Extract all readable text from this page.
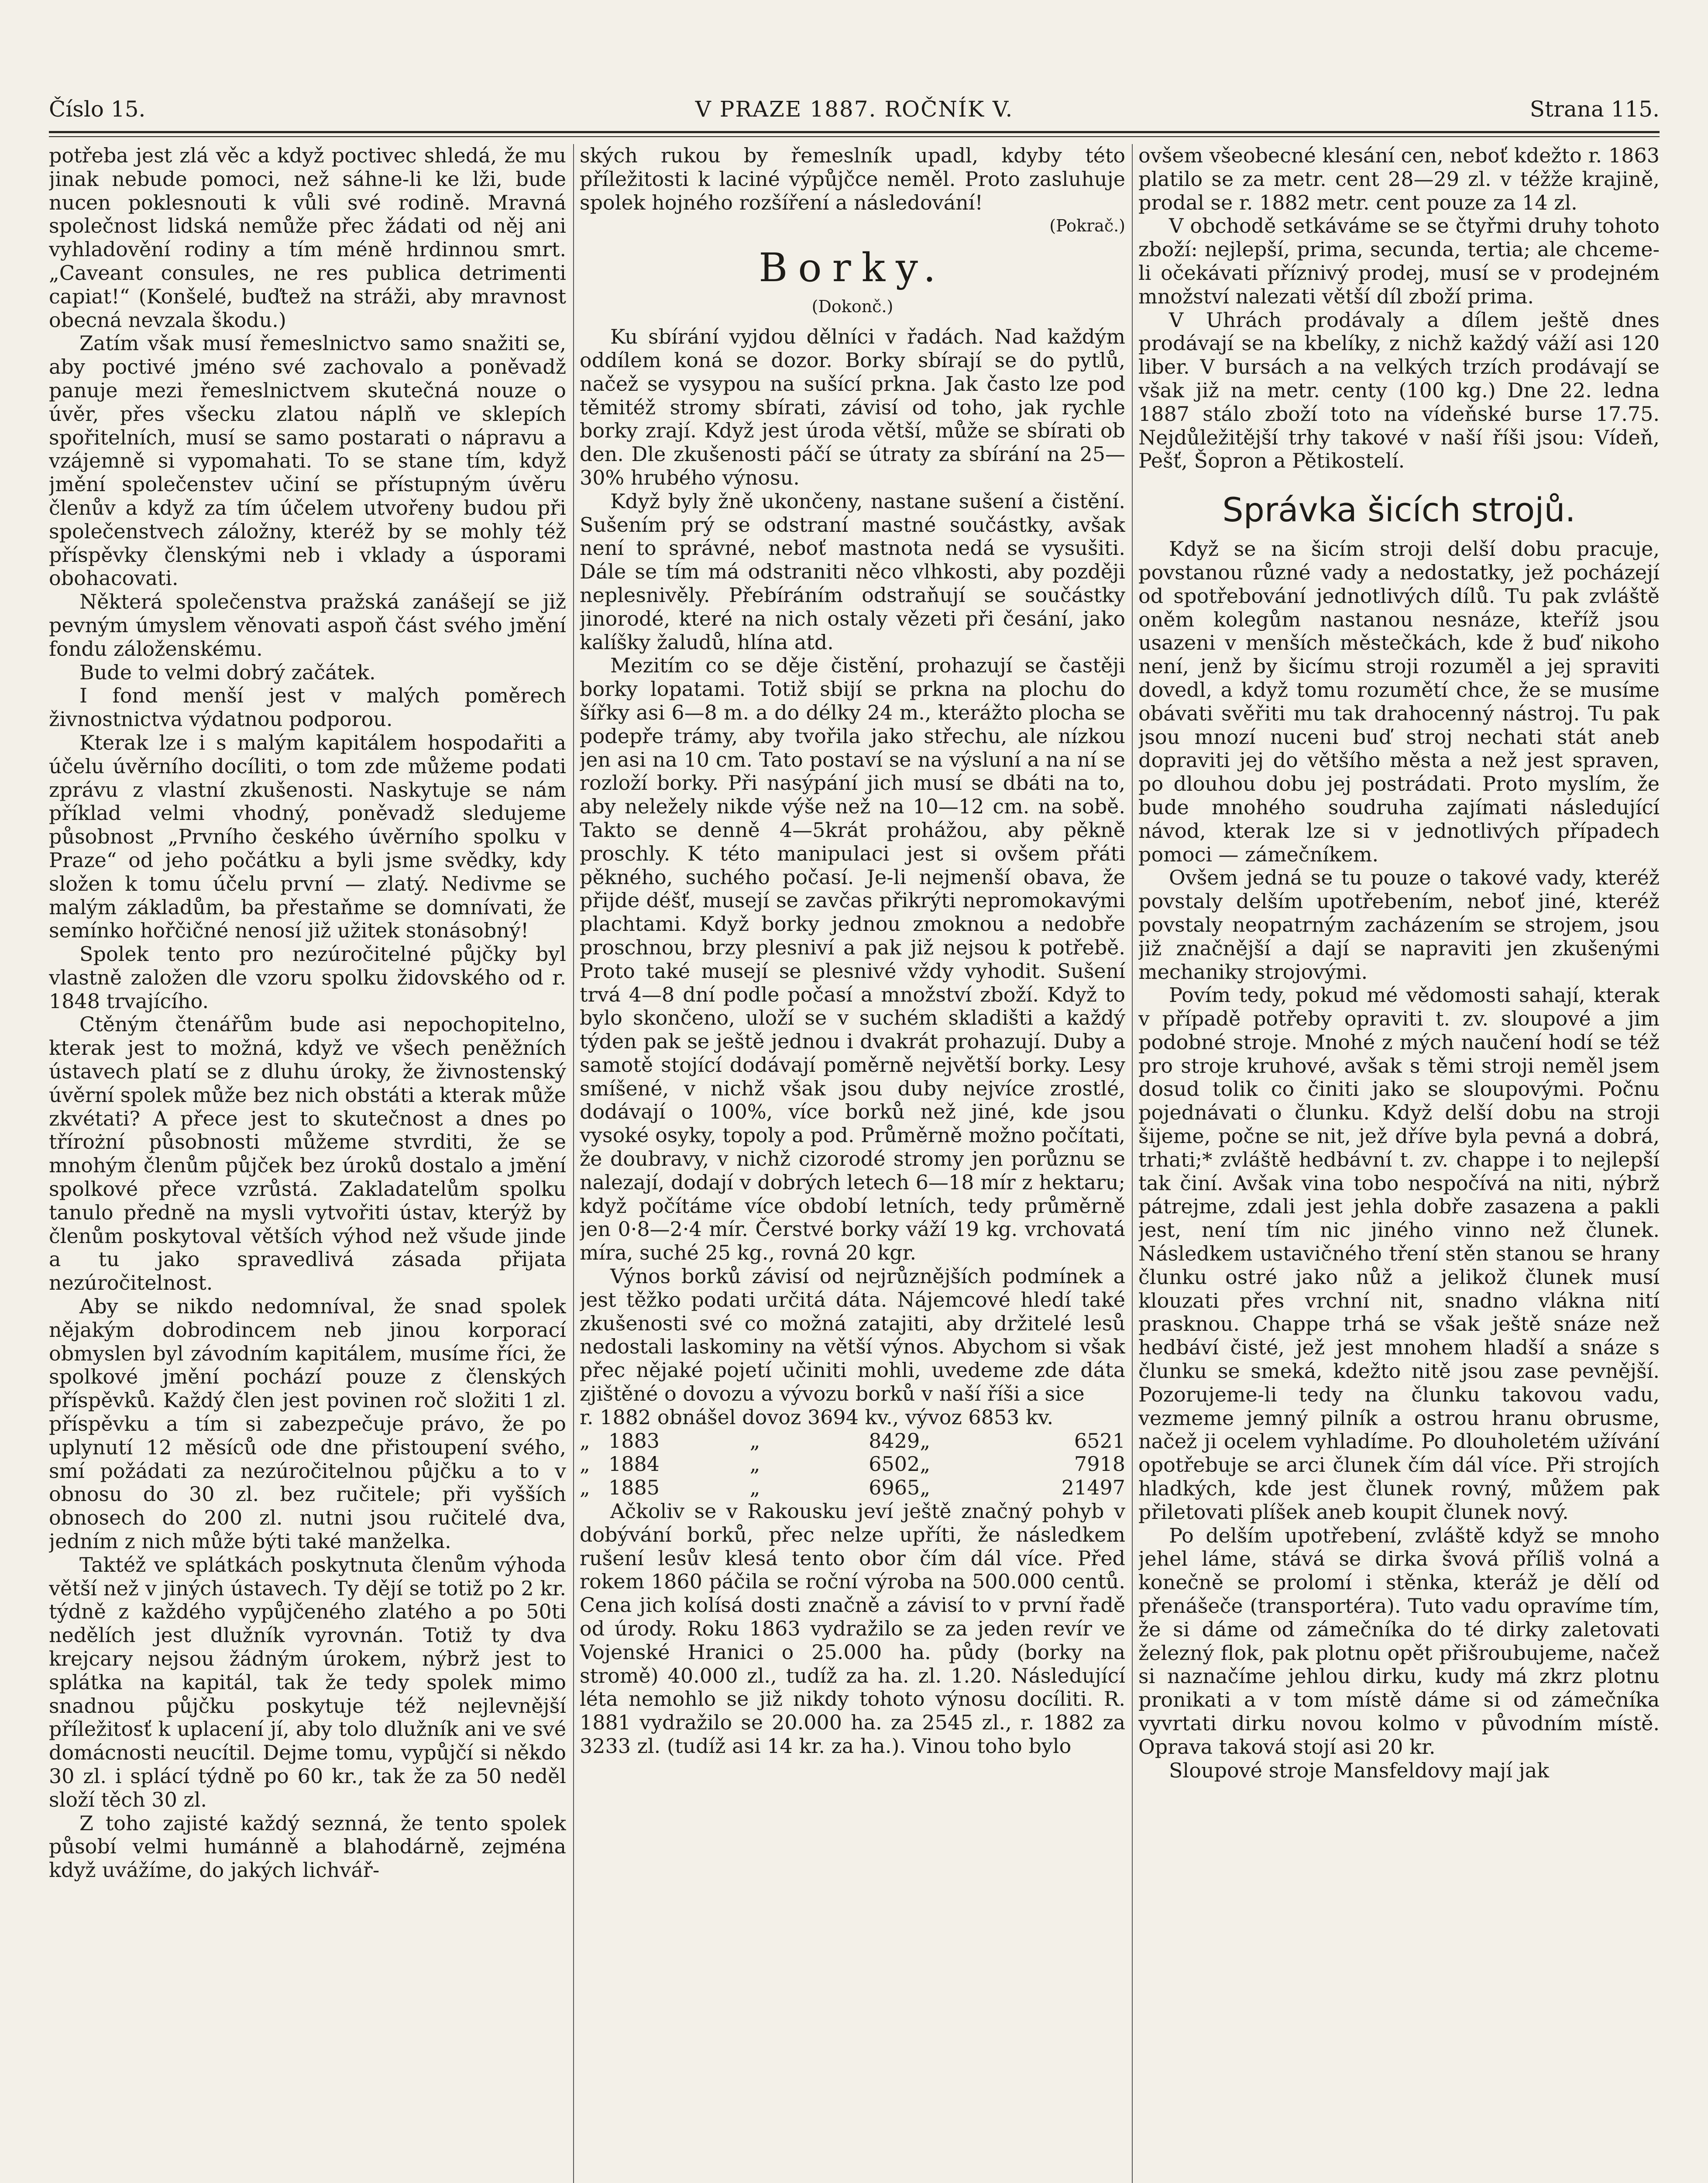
Číslo 15.	V PRAZE 1887. ROČNÍK V.	Strana 115.

potřeba jest zlá věc a když poctivec shledá, že mu jinak nebude pomoci, než sáhne-li ke lži, bude nucen poklesnouti k vůli své rodině. Mravná společnost lidská nemůže přec žádati od něj ani vyhladovění rodiny a tím méně hrdinnou smrt. „Caveant consules, ne res publica detrimenti capiat!“ (Konšelé, buďtež na stráži, aby mravnost obecná nevzala škodu.)

Zatím však musí řemeslnictvo samo snažiti se, aby poctivé jméno své zachovalo a poněvadž panuje mezi řemeslnictvem skutečná nouze o úvěr, přes všecku zlatou náplň ve sklepích spořitelních, musí se samo postarati o nápravu a vzájemně si vypomahati. To se stane tím, když jmění společenstev učiní se přístupným úvěru členův a když za tím účelem utvořeny budou při společenstvech záložny, kteréž by se mohly též příspěvky členskými neb i vklady a úsporami obohacovati.

Některá společenstva pražská zanášejí se již pevným úmyslem věnovati aspoň část svého jmění fondu záloženskému.

Bude to velmi dobrý začátek.

I fond menší jest v malých poměrech živnostnictva výdatnou podporou.

Kterak lze i s malým kapitálem hospodařiti a účelu úvěrního docíliti, o tom zde můžeme podati zprávu z vlastní zkušenosti. Naskytuje se nám příklad velmi vhodný, poněvadž sledujeme působnost „Prvního českého úvěrního spolku v Praze“ od jeho počátku a byli jsme svědky, kdy složen k tomu účelu první — zlatý. Nedivme se malým základům, ba přestaňme se domnívati, že semínko hořčičné nenosí již užitek stonásobný!

Spolek tento pro nezúročitelné půjčky byl vlastně založen dle vzoru spolku židovského od r. 1848 trvajícího.

Ctěným čtenářům bude asi nepochopitelno, kterak jest to možná, když ve všech peněžních ústavech platí se z dluhu úroky, že živnostenský úvěrní spolek může bez nich obstáti a kterak může zkvétati? A přece jest to skutečnost a dnes po třírożní působnosti můžeme stvrditi, že se mnohým členům půjček bez úroků dostalo a jmění spolkové přece vzrůstá. Zakladatelům spolku tanulo předně na mysli vytvořiti ústav, kterýž by členům poskytoval větších výhod než všude jinde a tu jako spravedlivá zásada přijata nezúročitelnost.

Aby se nikdo nedomníval, že snad spolek nějakým dobrodincem neb jinou korporací obmyslen byl závodním kapitálem, musíme říci, že spolkové jmění pochází pouze z členských příspěvků. Každý člen jest povinen roč složiti 1 zl. příspěvku a tím si zabezpečuje právo, že po uplynutí 12 měsíců ode dne přistoupení svého, smí požádati za nezúročitelnou půjčku a to v obnosu do 30 zl. bez ručitele; při vyšších obnosech do 200 zl. nutni jsou ručitelé dva, jedním z nich může býti také manželka.

Taktéž ve splátkách poskytnuta členům výhoda větší než v jiných ústavech. Ty dějí se totiž po 2 kr. týdně z každého vypůjčeného zlatého a po 50ti nedělích jest dlužník vyrovnán. Totiž ty dva krejcary nejsou žádným úrokem, nýbrž jest to splátka na kapitál, tak že tedy spolek mimo snadnou půjčku poskytuje též nejlevnější příležitosť k uplacení jí, aby tolo dlužník ani ve své domácnosti neucítil. Dejme tomu, vypůjčí si někdo 30 zl. i splácí týdně po 60 kr., tak že za 50 neděl složí těch 30 zl.

Z toho zajisté každý seznná, že tento spolek působí velmi humánně a blahodárně, zejména když uvážíme, do jakých lichvář-

ských rukou by řemeslník upadl, kdyby této příležitosti k laciné výpůjčce neměl. Proto zasluhuje spolek hojného rozšíření a následování!

(Pokrač.)
Borky.
(Dokonč.)

Ku sbírání vyjdou dělníci v řadách. Nad každým oddílem koná se dozor. Borky sbírají se do pytlů, načež se vysypou na sušící prkna. Jak často lze pod těmitéž stromy sbírati, závisí od toho, jak rychle borky zrají. Když jest úroda větší, může se sbírati ob den. Dle zkušenosti páčí se útraty za sbírání na 25—30% hrubého výnosu.

Když byly žně ukončeny, nastane sušení a čistění. Sušením prý se odstraní mastné součástky, avšak není to správné, neboť mastnota nedá se vysušiti. Dále se tím má odstraniti něco vlhkosti, aby později neplesnivěly. Přebíráním odstraňují se součástky jinorodé, které na nich ostaly vězeti při česání, jako kalíšky žaludů, hlína atd.

Mezitím co se děje čistění, prohazují se častěji borky lopatami. Totiž sbijí se prkna na plochu do šířky asi 6—8 m. a do délky 24 m., kterážto plocha se podepře trámy, aby tvořila jako střechu, ale nízkou jen asi na 10 cm. Tato postaví se na výsluní a na ní se rozloží borky. Při nasýpání jich musí se dbáti na to, aby neležely nikde výše než na 10—12 cm. na sobě. Takto se denně 4—5krát prohážou, aby pěkně proschly. K této manipulaci jest si ovšem přáti pěkného, suchého počasí. Je-li nejmenší obava, že přijde déšť, musejí se zavčas přikrýti nepromokavými plachtami. Když borky jednou zmoknou a nedobře proschnou, brzy plesniví a pak již nejsou k potřebě. Proto také musejí se plesnivé vždy vyhodit. Sušení trvá 4—8 dní podle počasí a množství zboží. Když to bylo skončeno, uloží se v suchém skladišti a každý týden pak se ještě jednou i dvakrát prohazují. Duby a samotě stojící dodávají poměrně největší borky. Lesy smíšené, v nichž však jsou duby nejvíce zrostlé, dodávají o 100%, více borků než jiné, kde jsou vysoké osyky, topoly a pod. Průměrně možno počítati, že doubravy, v nichž cizorodé stromy jen porůznu se nalezají, dodají v dobrých letech 6—18 mír z hektaru; když počítáme více období letních, tedy průměrně jen 0·8—2·4 mír. Čerstvé borky váží 19 kg. vrchovatá míra, suché 25 kg., rovná 20 kgr.

Výnos borků závisí od nejrůznějších podmínek a jest těžko podati určitá dáta. Nájemcové hledí také zkušenosti své co možná zatajiti, aby držitelé lesů nedostali laskominy na větší výnos. Abychom si však přec nějaké pojetí učiniti mohli, uvedeme zde dáta zjištěné o dovozu a vývozu borků v naší říši a sice

r. 1882 obnášel dovoz 3694 kv., vývoz 6853 kv.					
„	1883	„	8429	„	6521
„	1884	„	6502	„	7918
„	1885	„	6965	„	21497

Ačkoliv se v Rakousku jeví ještě značný pohyb v dobývání borků, přec nelze upříti, že následkem rušení lesův klesá tento obor čím dál více. Před rokem 1860 páčila se roční výroba na 500.000 centů. Cena jich kolísá dosti značně a závisí to v první řadě od úrody. Roku 1863 vydražilo se za jeden revír ve Vojenské Hranici o 25.000 ha. půdy (borky na stromě) 40.000 zl., tudíž za ha. zl. 1.20. Následující léta nemohlo se již nikdy tohoto výnosu docíliti. R. 1881 vydražilo se 20.000 ha. za 2545 zl., r. 1882 za 3233 zl. (tudíž asi 14 kr. za ha.). Vinou toho bylo

ovšem všeobecné klesání cen, neboť kdežto r. 1863 platilo se za metr. cent 28—29 zl. v téžže krajině, prodal se r. 1882 metr. cent pouze za 14 zl.

V obchodě setkáváme se se čtyřmi druhy tohoto zboží: nejlepší, prima, secunda, tertia; ale chceme-li očekávati příznivý prodej, musí se v prodejném množství nalezati větší díl zboží prima.

V Uhrách prodávaly a dílem ještě dnes prodávají se na kbelíky, z nichž každý váží asi 120 liber. V bursách a na velkých trzích prodávají se však již na metr. centy (100 kg.) Dne 22. ledna 1887 stálo zboží toto na vídeňské burse 17.75. Nejdůležitější trhy takové v naší říši jsou: Vídeň, Pešť, Šopron a Pětikostelí.

Správka šicích strojů.

Když se na šicím stroji delší dobu pracuje, povstanou různé vady a nedostatky, jež pocházejí od spotřebování jednotlivých dílů. Tu pak zvláště oněm kolegům nastanou nesnáze, kteříž jsou usazeni v menších městečkách, kde ž buď nikoho není, jenž by šicímu stroji rozuměl a jej spraviti dovedl, a když tomu rozumětí chce, že se musíme obávati svěřiti mu tak drahocenný nástroj. Tu pak jsou mnozí nuceni buď stroj nechati stát aneb dopraviti jej do většího města a než jest spraven, po dlouhou dobu jej postrádati. Proto myslím, že bude mnohého soudruha zajímati následující návod, kterak lze si v jednotlivých případech pomoci — zámečníkem.

Ovšem jedná se tu pouze o takové vady, kteréž povstaly delším upotřebením, neboť jiné, kteréž povstaly neopatrným zacházením se strojem, jsou již značnější a dají se napraviti jen zkušenými mechaniky strojovými.

Povím tedy, pokud mé vědomosti sahají, kterak v případě potřeby opraviti t. zv. sloupové a jim podobné stroje. Mnohé z mých naučení hodí se též pro stroje kruhové, avšak s těmi stroji neměl jsem dosud tolik co činiti jako se sloupovými. Počnu pojednávati o člunku. Když delší dobu na stroji šijeme, počne se nit, jež dříve byla pevná a dobrá, trhati;* zvláště hedbávní t. zv. chappe i to nejlepší tak činí. Avšak vina tobo nespočívá na niti, nýbrž pátrejme, zdali jest jehla dobře zasazena a pakli jest, není tím nic jiného vinno než člunek. Následkem ustavičného tření stěn stanou se hrany člunku ostré jako nůž a jelikož člunek musí klouzati přes vrchní nit, snadno vlákna nití prasknou. Chappe trhá se však ještě snáze než hedbáví čisté, jež jest mnohem hladší a snáze s člunku se smeká, kdežto nitě jsou zase pevnější. Pozorujeme-li tedy na člunku takovou vadu, vezmeme jemný pilník a ostrou hranu obrusme, načež ji ocelem vyhladíme. Po dlouholetém užívání opotřebuje se arci člunek čím dál více. Při strojích hladkých, kde jest člunek rovný, můžem pak přiletovati plíšek aneb koupit člunek nový.

Po delším upotřebení, zvláště když se mnoho jehel láme, stává se dirka švová příliš volná a konečně se prolomí i stěnka, kteráž je dělí od přenášeče (transportéra). Tuto vadu opravíme tím, že si dáme od zámečníka do té dirky zaletovati železný flok, pak plotnu opět přišroubujeme, načež si naznačíme jehlou dirku, kudy má zkrz plotnu pronikati a v tom místě dáme si od zámečníka vyvrtati dirku novou kolmo v původním místě. Oprava taková stojí asi 20 kr.

Sloupové stroje Mansfeldovy mají jak
